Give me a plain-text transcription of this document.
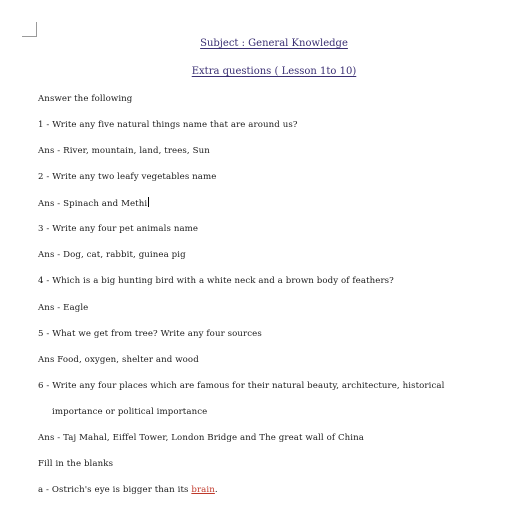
Subject : General Knowledge
Extra questions ( Lesson 1to 10)
Answer the following
1 - Write any five natural things name that are around us?
Ans - River, mountain, land, trees, Sun
2 - Write any two leafy vegetables name
Ans - Spinach and Methi
3 - Write any four pet animals name
Ans - Dog, cat, rabbit, guinea pig
4 - Which is a big hunting bird with a white neck and a brown body of feathers?
Ans - Eagle
5 - What we get from tree? Write any four sources
Ans Food, oxygen, shelter and wood
6 - Write any four places which are famous for their natural beauty, architecture, historical
importance or political importance
Ans - Taj Mahal, Eiffel Tower, London Bridge and The great wall of China
Fill in the blanks
a - Ostrich's eye is bigger than its brain.
